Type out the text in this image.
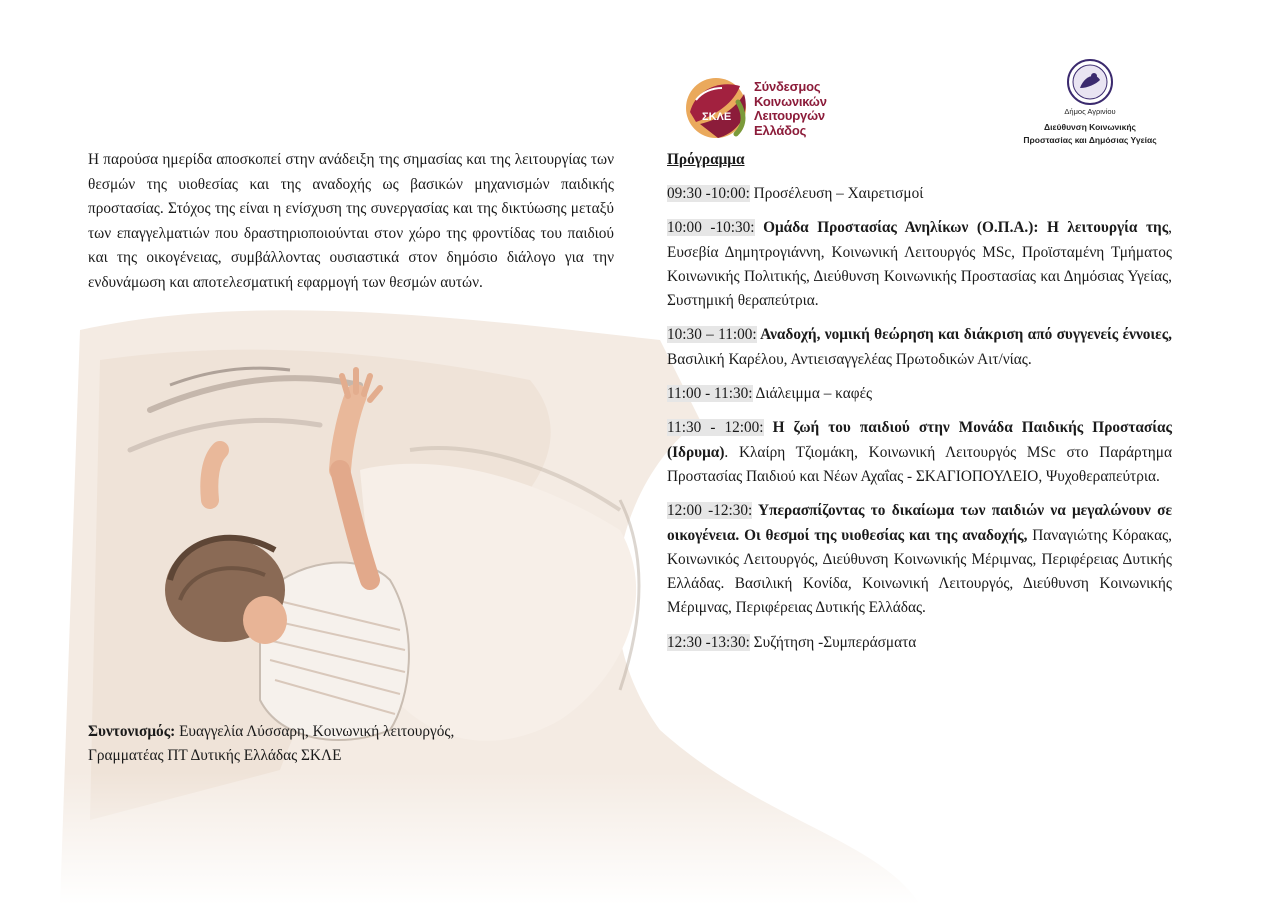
ΣΚΛΕ
Σύνδεσμος
Κοινωνικών
Λειτουργών
Ελλάδος
Δήμος Αγρινίου
Διεύθυνση Κοινωνικής
Προστασίας και Δημόσιας Υγείας

Η παρούσα ημερίδα αποσκοπεί στην ανάδειξη της σημασίας και της λειτουργίας των θεσμών της υιοθεσίας και της αναδοχής ως βασικών μηχανισμών παιδικής προστασίας. Στόχος της είναι η ενίσχυση της συνεργασίας και της δικτύωσης μεταξύ των επαγγελματιών που δραστηριοποιούνται στον χώρο της φροντίδας του παιδιού και της οικογένειας, συμβάλλοντας ουσιαστικά στον δημόσιο διάλογο για την ενδυνάμωση και αποτελεσματική εφαρμογή των θεσμών αυτών.

Συντονισμός: Ευαγγελία Λύσσαρη, Κοινωνική λειτουργός,
Γραμματέας ΠΤ Δυτικής Ελλάδας ΣΚΛΕ
Πρόγραμμα
09:30 -10:00: Προσέλευση – Χαιρετισμοί
10:00 -10:30: Ομάδα Προστασίας Ανηλίκων (Ο.Π.Α.): Η λειτουργία της, Ευσεβία Δημητρογιάννη, Κοινωνική Λειτουργός MSc, Προϊσταμένη Τμήματος Κοινωνικής Πολιτικής, Διεύθυνση Κοινωνικής Προστασίας και Δημόσιας Υγείας, Συστημική θεραπεύτρια.
10:30 – 11:00: Αναδοχή, νομική θεώρηση και διάκριση από συγγενείς έννοιες, Βασιλική Καρέλου, Αντιεισαγγελέας Πρωτοδικών Αιτ/νίας.
11:00 - 11:30: Διάλειμμα – καφές
11:30 - 12:00: Η ζωή του παιδιού στην Μονάδα Παιδικής Προστασίας (Ιδρυμα). Κλαίρη Τζιομάκη, Κοινωνική Λειτουργός MSc στο Παράρτημα Προστασίας Παιδιού και Νέων Αχαΐας - ΣΚΑΓΙΟΠΟΥΛΕΙΟ, Ψυχοθεραπεύτρια.
12:00 -12:30: Υπερασπίζοντας το δικαίωμα των παιδιών να μεγαλώνουν σε οικογένεια. Οι θεσμοί της υιοθεσίας και της αναδοχής, Παναγιώτης Κόρακας, Κοινωνικός Λειτουργός, Διεύθυνση Κοινωνικής Μέριμνας, Περιφέρειας Δυτικής Ελλάδας. Βασιλική Κονίδα, Κοινωνική Λειτουργός, Διεύθυνση Κοινωνικής Μέριμνας, Περιφέρειας Δυτικής Ελλάδας.
12:30 -13:30: Συζήτηση -Συμπεράσματα
